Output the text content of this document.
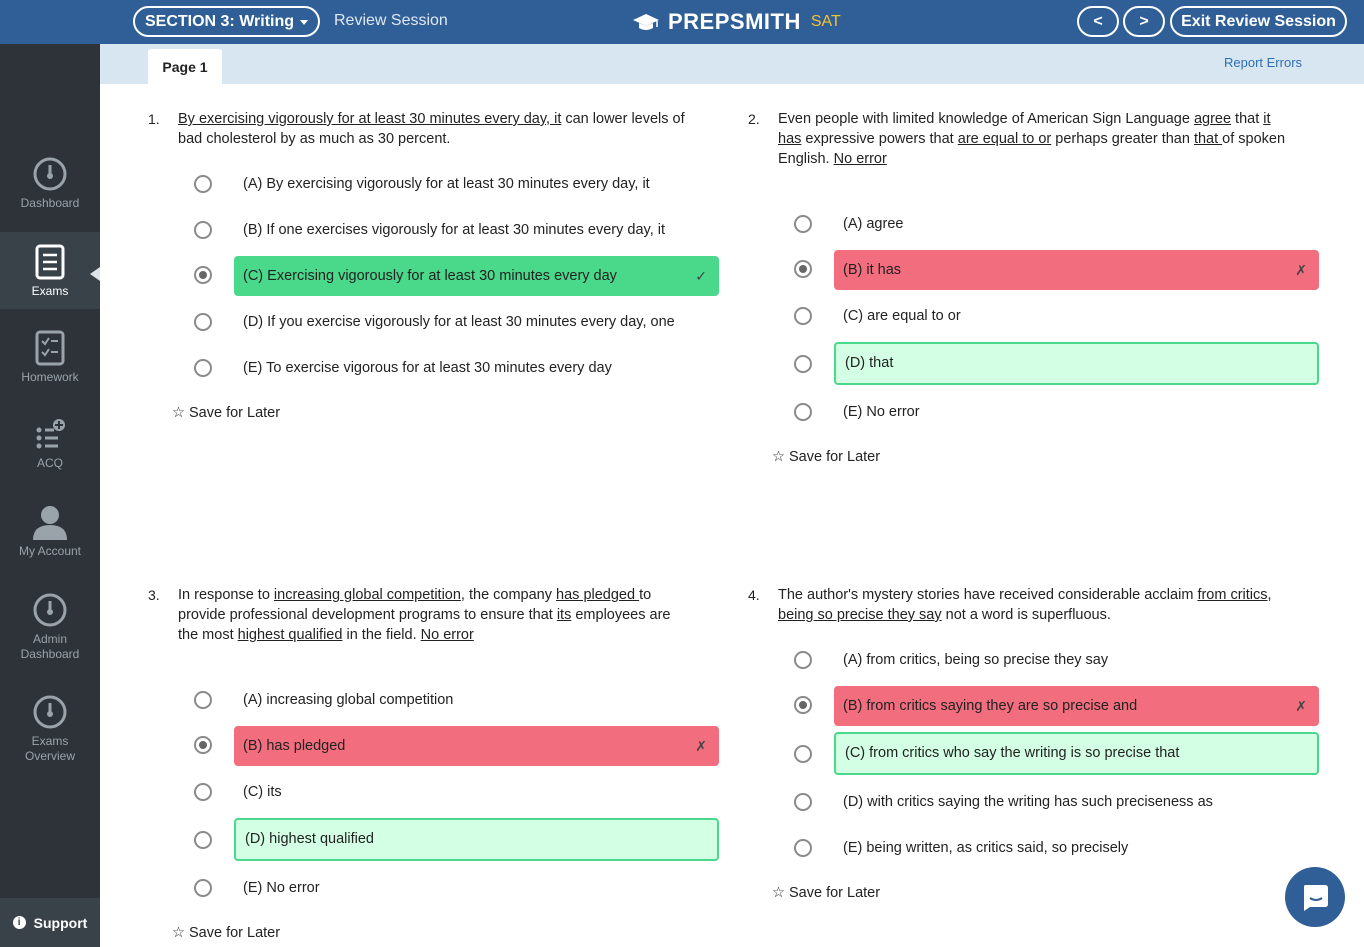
SECTION 3: Writing Review Session	PREPSMITH SAT	<	>	Exit Review Session
Dashboard
Exams
Homework
ACQ
My Account
Admin Dashboard
Exams Overview
i Support
Page 1	Report Errors
1. By exercising vigorously for at least 30 minutes every day, it can lower levels of
bad cholesterol by as much as 30 percent.
(A) By exercising vigorously for at least 30 minutes every day, it
(B) If one exercises vigorously for at least 30 minutes every day, it
(C) Exercising vigorously for at least 30 minutes every day	✓
(D) If you exercise vigorously for at least 30 minutes every day, one
(E) To exercise vigorous for at least 30 minutes every day
☆ Save for Later
2. Even people with limited knowledge of American Sign Language agree that it
has expressive powers that are equal to or perhaps greater than that of spoken
English. No error
(A) agree
(B) it has	✗
(C) are equal to or
(D) that
(E) No error
☆ Save for Later
3. In response to increasing global competition, the company has pledged to
provide professional development programs to ensure that its employees are
the most highest qualified in the field. No error
(A) increasing global competition
(B) has pledged	✗
(C) its
(D) highest qualified
(E) No error
☆ Save for Later
4. The author's mystery stories have received considerable acclaim from critics,
being so precise they say not a word is superfluous.
(A) from critics, being so precise they say
(B) from critics saying they are so precise and	✗
(C) from critics who say the writing is so precise that
(D) with critics saying the writing has such preciseness as
(E) being written, as critics said, so precisely
☆ Save for Later
